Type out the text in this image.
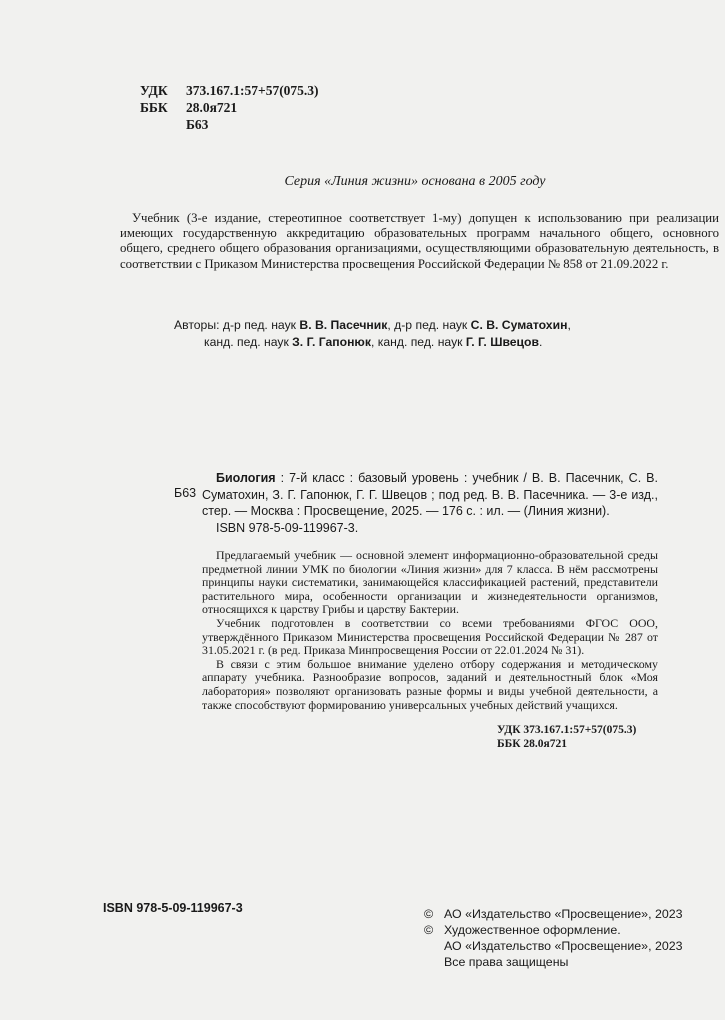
УДК	373.167.1:57+57(075.3)
ББК	28.0я721
Б63
Серия «Линия жизни» основана в 2005 году
Учебник (3-е издание, стереотипное соответствует 1-му) допущен к использованию при реализации имеющих государственную аккредитацию образовательных программ начального общего, основного общего, среднего общего образования организациями, осуществляющими образовательную деятельность, в соответствии с Приказом Министерства просвещения Российской Федерации № 858 от 21.09.2022 г.
Авторы: д-р пед. наук В. В. Пасечник, д-р пед. наук С. В. Суматохин,
канд. пед. наук З. Г. Гапонюк, канд. пед. наук Г. Г. Швецов.
Б63
Биология : 7-й класс : базовый уровень : учебник / В. В. Пасечник, С. В. Суматохин, З. Г. Гапонюк, Г. Г. Швецов ; под ред. В. В. Пасечника. — 3-е изд., стер. — Москва : Просвещение, 2025. — 176 с. : ил. — (Линия жизни).
ISBN 978-5-09-119967-3.

Предлагаемый учебник — основной элемент информационно-образовательной среды предметной линии УМК по биологии «Линия жизни» для 7 класса. В нём рассмотрены принципы науки систематики, занимающейся классификацией растений, представители растительного мира, особенности организации и жизнедеятельности организмов, относящихся к царству Грибы и царству Бактерии.

Учебник подготовлен в соответствии со всеми требованиями ФГОС ООО, утверждённого Приказом Министерства просвещения Российской Федерации № 287 от 31.05.2021 г. (в ред. Приказа Минпросвещения России от 22.01.2024 № 31).

В связи с этим большое внимание уделено отбору содержания и методическому аппарату учебника. Разнообразие вопросов, заданий и деятельностный блок «Моя лаборатория» позволяют организовать разные формы и виды учебной деятельности, а также способствуют формированию универсальных учебных действий учащихся.

УДК 373.167.1:57+57(075.3)
ББК 28.0я721
ISBN 978-5-09-119967-3	© АО «Издательство «Просвещение», 2023
© Художественное оформление.
АО «Издательство «Просвещение», 2023
Все права защищены
